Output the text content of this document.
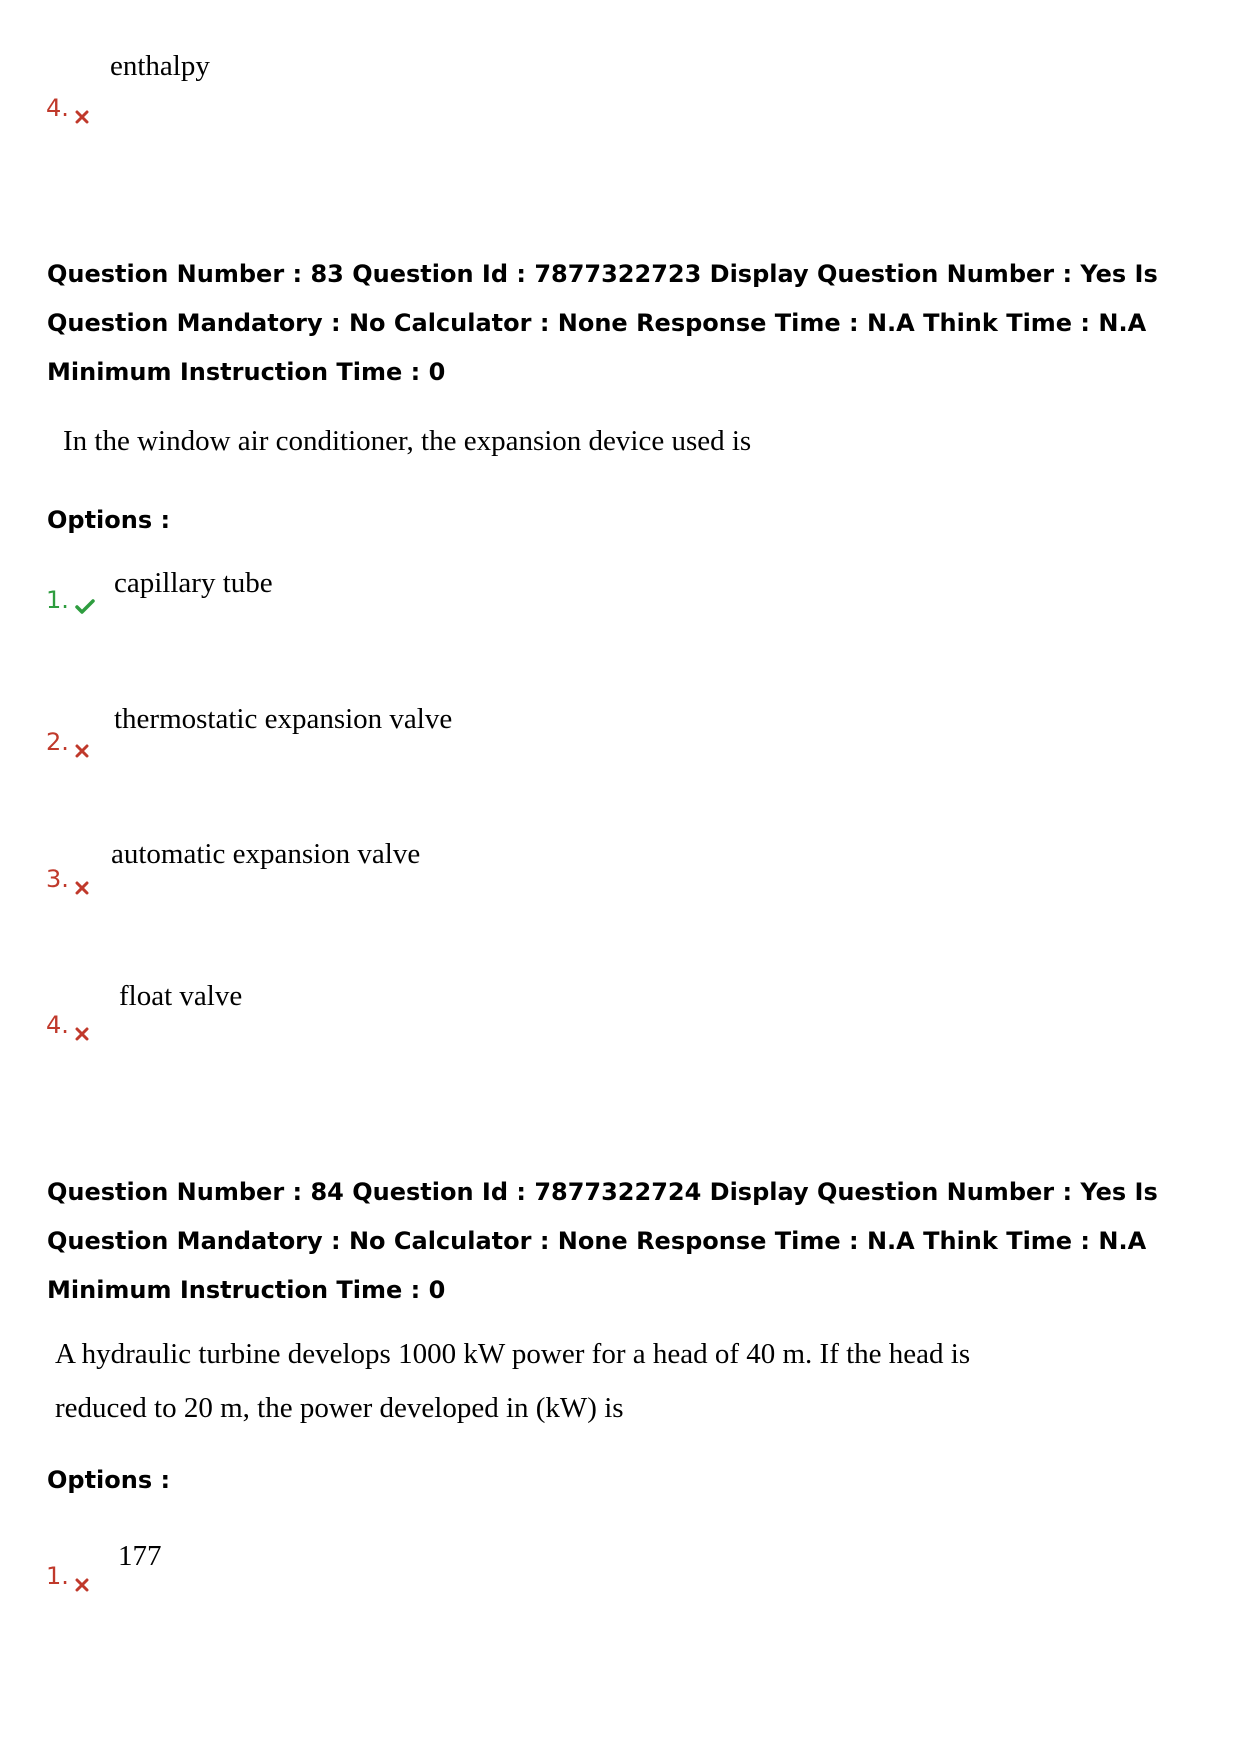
enthalpy
4.
Question Number : 83 Question Id : 7877322723 Display Question Number : Yes Is Question Mandatory : No Calculator : None Response Time : N.A Think Time : N.A Minimum Instruction Time : 0
In the window air conditioner, the expansion device used is
Options :
capillary tube
1.
thermostatic expansion valve
2.
automatic expansion valve
3.
float valve
4.
Question Number : 84 Question Id : 7877322724 Display Question Number : Yes Is Question Mandatory : No Calculator : None Response Time : N.A Think Time : N.A Minimum Instruction Time : 0
A hydraulic turbine develops 1000 kW power for a head of 40 m. If the head is
reduced to 20 m, the power developed in (kW) is
Options :
177
1.
